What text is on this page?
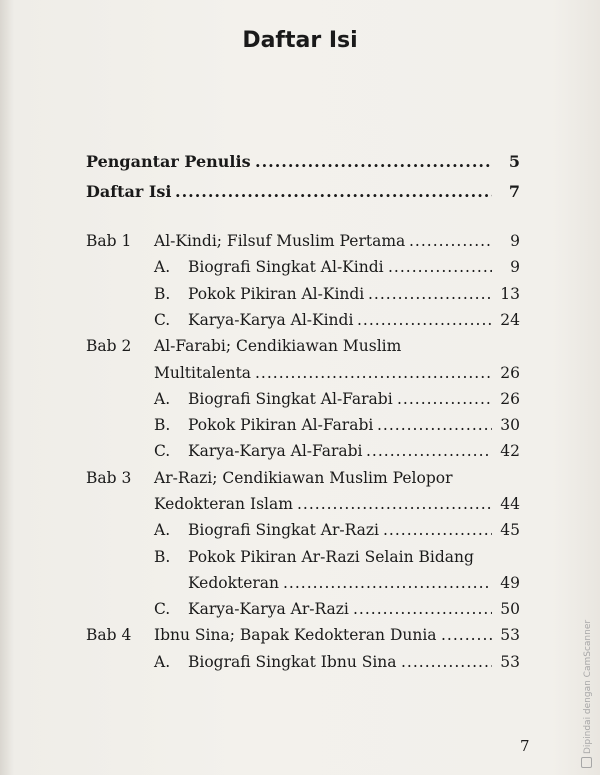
Daftar Isi
Pengantar Penulis	5
.....
Daftar Isi	7
.....
Bab 1 Al-Kindi; Filsuf Muslim Pertama	9
.....
A. Biografi Singkat Al-Kindi	9
.....
B. Pokok Pikiran Al-Kindi	13
.....
C. Karya-Karya Al-Kindi	24
.....
Bab 2 Al-Farabi; Cendikiawan Muslim
Multitalenta	26
.....
A. Biografi Singkat Al-Farabi	26
.....
B. Pokok Pikiran Al-Farabi	30
.....
C. Karya-Karya Al-Farabi	42
.....
Bab 3 Ar-Razi; Cendikiawan Muslim Pelopor
Kedokteran Islam	44
.....
A. Biografi Singkat Ar-Razi	45
.....
B. Pokok Pikiran Ar-Razi Selain Bidang
Kedokteran	49
.....
C. Karya-Karya Ar-Razi	50
.....
Bab 4 Ibnu Sina; Bapak Kedokteran Dunia	53
.....
A. Biografi Singkat Ibnu Sina	53
.....
7	Dipindai dengan CamScanner
